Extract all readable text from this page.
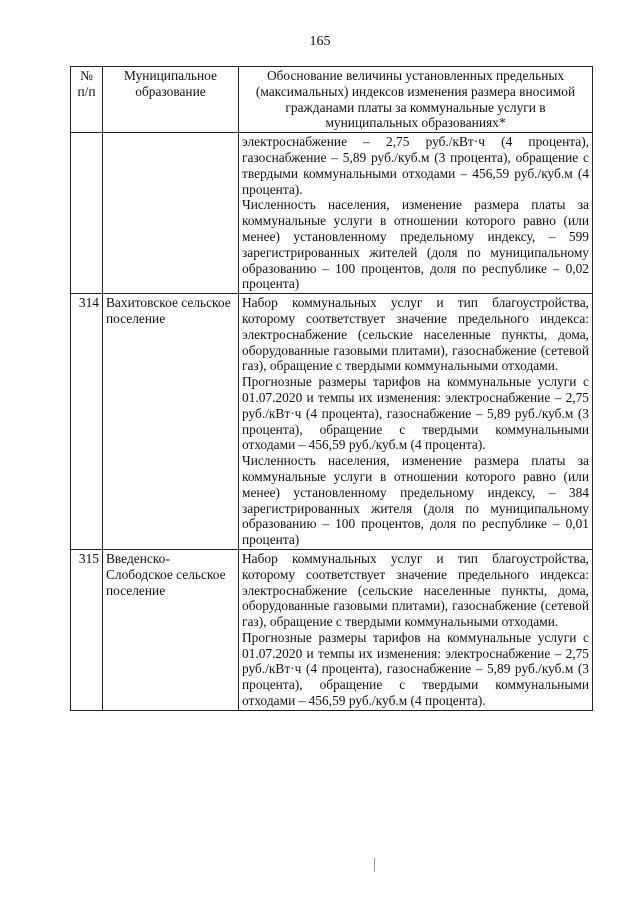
165
№ п/п	Муниципальное образование	Обоснование величины установленных предельных (максимальных) индексов изменения размера вносимой гражданами платы за коммунальные услуги в муниципальных образованиях*

		электроснабжение – 2,75 руб./кВт·ч (4 процента), газоснабжение – 5,89 руб./куб.м (3 процента), обращение с твердыми коммунальными отходами – 456,59 руб./куб.м (4 процента).

Численность населения, изменение размера платы за коммунальные услуги в отношении которого равно (или менее) установленному предельному индексу, – 599 зарегистрированных жителей (доля по муниципальному образованию – 100 процентов, доля по республике – 0,02 процента)

314	Вахитовское сельское поселение	Набор коммунальных услуг и тип благоустройства, которому соответствует значение предельного индекса: электроснабжение (сельские населенные пункты, дома, оборудованные газовыми плитами), газоснабжение (сетевой газ), обращение с твердыми коммунальными отходами.

Прогнозные размеры тарифов на коммунальные услуги с 01.07.2020 и темпы их изменения: электроснабжение – 2,75 руб./кВт·ч (4 процента), газоснабжение – 5,89 руб./куб.м (3 процента), обращение с твердыми коммунальными отходами – 456,59 руб./куб.м (4 процента).

Численность населения, изменение размера платы за коммунальные услуги в отношении которого равно (или менее) установленному предельному индексу, – 384 зарегистрированных жителя (доля по муниципальному образованию – 100 процентов, доля по республике – 0,01 процента)

315	Введенско-Слободское сельское поселение	Набор коммунальных услуг и тип благоустройства, которому соответствует значение предельного индекса: электроснабжение (сельские населенные пункты, дома, оборудованные газовыми плитами), газоснабжение (сетевой газ), обращение с твердыми коммунальными отходами.

Прогнозные размеры тарифов на коммунальные услуги с 01.07.2020 и темпы их изменения: электроснабжение – 2,75 руб./кВт·ч (4 процента), газоснабжение – 5,89 руб./куб.м (3 процента), обращение с твердыми коммунальными отходами – 456,59 руб./куб.м (4 процента).
